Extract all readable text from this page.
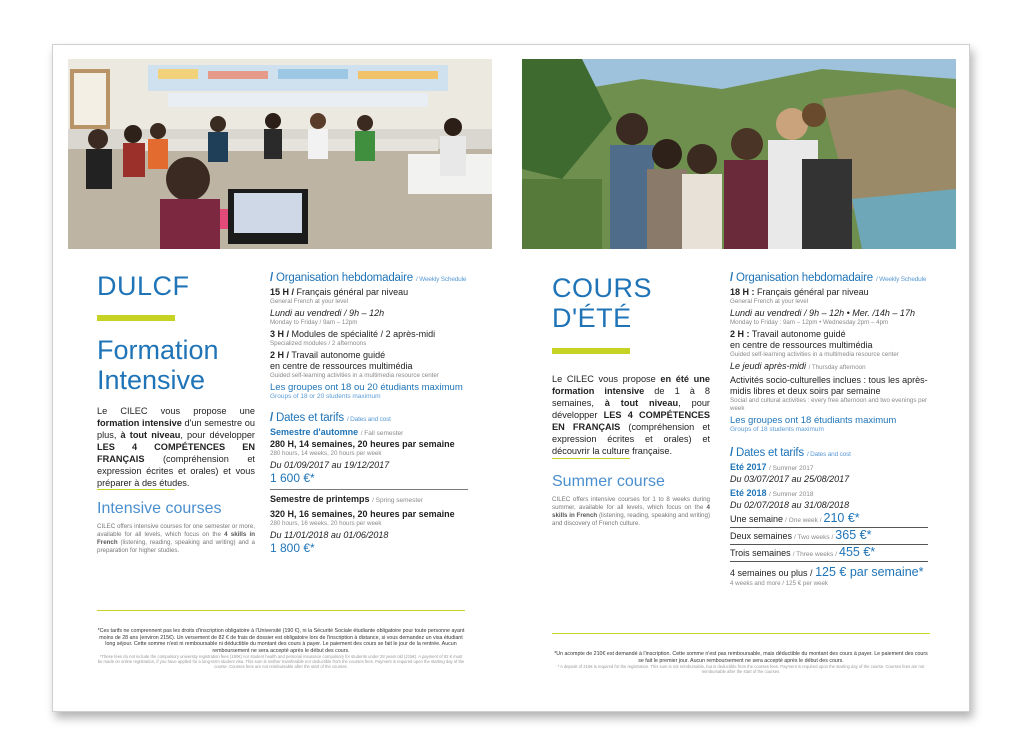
DULCF
Formation
Intensive
Le CILEC vous propose une formation intensive d'un semestre ou plus, à tout niveau, pour développer LES 4 COMPÉTENCES EN FRANÇAIS (compréhension et expression écrites et orales) et vous préparer à des études.
Intensive courses
CILEC offers intensive courses for one semester or more, available for all levels, which focus on the 4 skills in French (listening, reading, speaking and writing) and a preparation for higher studies.
/ Organisation hebdomadaire / Weekly Schedule
15 H / Français général par niveau
General French at your level
Lundi au vendredi / 9h – 12h
Monday to Friday / 9am – 12pm
3 H / Modules de spécialité / 2 après-midi
Specialized modules / 2 afternoons
2 H / Travail autonome guidé
en centre de ressources multimédia
Guided self-learning activities in a multimedia resource center
Les groupes ont 18 ou 20 étudiants maximum
Groups of 18 or 20 students maximum
/ Dates et tarifs / Dates and cost
Semestre d'automne / Fall semester
280 H, 14 semaines, 20 heures par semaine
280 hours, 14 weeks, 20 hours per week
Du 01/09/2017 au 19/12/2017
1 600 €*
Semestre de printemps / Spring semester
320 H, 16 semaines, 20 heures par semaine
280 hours, 16 weeks, 20 hours per week
Du 11/01/2018 au 01/06/2018
1 800 €*
*Ces tarifs ne comprennent pas les droits d'inscription obligatoire à l'Université (190 €), ni la Sécurité Sociale étudiante obligatoire pour toute personne ayant moins de 28 ans (environ 215€). Un versement de 82 € de frais de dossier est obligatoire lors de l'inscription à distance, si vous demandez un visa étudiant long séjour. Cette somme n'est ni remboursable ni déductible du montant des cours à payer. Le paiement des cours se fait le jour de la rentrée. Aucun remboursement ne sera accepté après le début des cours.
*These fees do not include the compulsory university registration fees (190€) nor student health and personal insurance compulsory for students under 28 years old (215€). A payment of 82 € must be made on online registration, if you have applied for a long-term student visa. This sum is neither transferable nor deductible from the courses fees. Payment is required upon the starting day of the course. Courses fees are not reimbursable after the start of the courses.
COURS
D'ÉTÉ
Le CILEC vous propose en été une formation intensive de 1 à 8 semaines, à tout niveau, pour développer LES 4 COMPÉTENCES EN FRANÇAIS (compréhension et expression écrites et orales) et découvrir la culture française.
Summer course
CILEC offers intensive courses for 1 to 8 weeks during summer, available for all levels, which focus on the 4 skills in French (listening, reading, speaking and writing) and discovery of French culture.
/ Organisation hebdomadaire / Weekly Schedule
18 H : Français général par niveau
General French at your level
Lundi au vendredi / 9h – 12h • Mer. /14h – 17h
Monday to Friday : 9am – 12pm • Wednesday 2pm – 4pm
2 H : Travail autonome guidé
en centre de ressources multimédia
Guided self-learning activities in a multimedia resource center
Le jeudi après-midi / Thursday afternoon
Activités socio-culturelles inclues : tous les après-midis libres et deux soirs par semaine
Social and cultural activities : every free afternoon and two evenings per week
Les groupes ont 18 étudiants maximum
Groups of 18 students maximum
/ Dates et tarifs / Dates and cost
Eté 2017 / Summer 2017
Du 03/07/2017 au 25/08/2017
Eté 2018 / Summer 2018
Du 02/07/2018 au 31/08/2018
Une semaine / One week / 210 €*
Deux semaines / Two weeks / 365 €*
Trois semaines / Three weeks / 455 €*
4 semaines ou plus / 125 € par semaine*
4 weeks and more / 125 € per week
*Un acompte de 210€ est demandé à l'inscription. Cette somme n'est pas remboursable, mais déductible du montant des cours à payer. Le paiement des cours se fait le premier jour. Aucun remboursement ne sera accepté après le début des cours.
* A deposit of 210€ is required for the registration. This sum is not reimbursable, but is deductible from the courses fees. Payment is required upon the starting day of the course. Courses fees are not reimbursable after the start of the courses.
